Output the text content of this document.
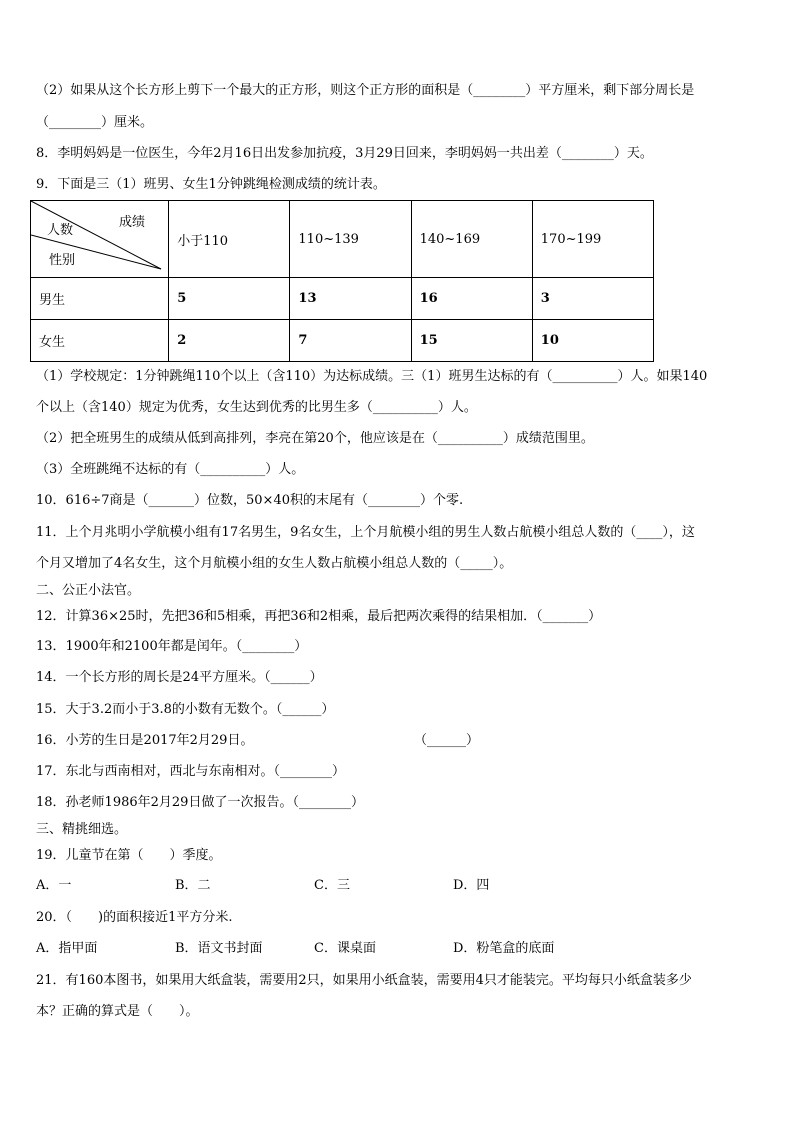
（2）如果从这个长方形上剪下一个最大的正方形，则这个正方形的面积是（________）平方厘米，剩下部分周长是
（________）厘米。
8．李明妈妈是一位医生，今年2月16日出发参加抗疫，3月29日回来，李明妈妈一共出差（________）天。
9．下面是三（1）班男、女生1分钟跳绳检测成绩的统计表。
成绩
人数
性别	小于110	110~139	140~169	170~199
男生	5	13	16	3
女生	2	7	15	10
（1）学校规定：1分钟跳绳110个以上（含110）为达标成绩。三（1）班男生达标的有（__________）人。如果140
个以上（含140）规定为优秀，女生达到优秀的比男生多（__________）人。
（2）把全班男生的成绩从低到高排列，李亮在第20个，他应该是在（__________）成绩范围里。
（3）全班跳绳不达标的有（__________）人。
10．616÷7商是（_______）位数，50×40积的末尾有（________）个零.
11．上个月兆明小学航模小组有17名男生，9名女生，上个月航模小组的男生人数占航模小组总人数的（____），这
个月又增加了4名女生，这个月航模小组的女生人数占航模小组总人数的（_____）。
二、公正小法官。
12．计算36×25时，先把36和5相乘，再把36和2相乘，最后把两次乘得的结果相加．（_______）
13．1900年和2100年都是闰年。（________）
14．一个长方形的周长是24平方厘米。（______）
15．大于3.2而小于3.8的小数有无数个。（______）
16．小芳的生日是2017年2月29日。	（______）
17．东北与西南相对，西北与东南相对。（________）
18．孙老师1986年2月29日做了一次报告。（________）
三、精挑细选。
19．儿童节在第（　　）季度。
A．一	B．二	C．三	D．四
20．（　　)的面积接近1平方分米.
A．指甲面	B．语文书封面	C．课桌面	D．粉笔盒的底面
21．有160本图书，如果用大纸盒装，需要用2只，如果用小纸盒装，需要用4只才能装完。平均每只小纸盒装多少
本？正确的算式是（　　）。
